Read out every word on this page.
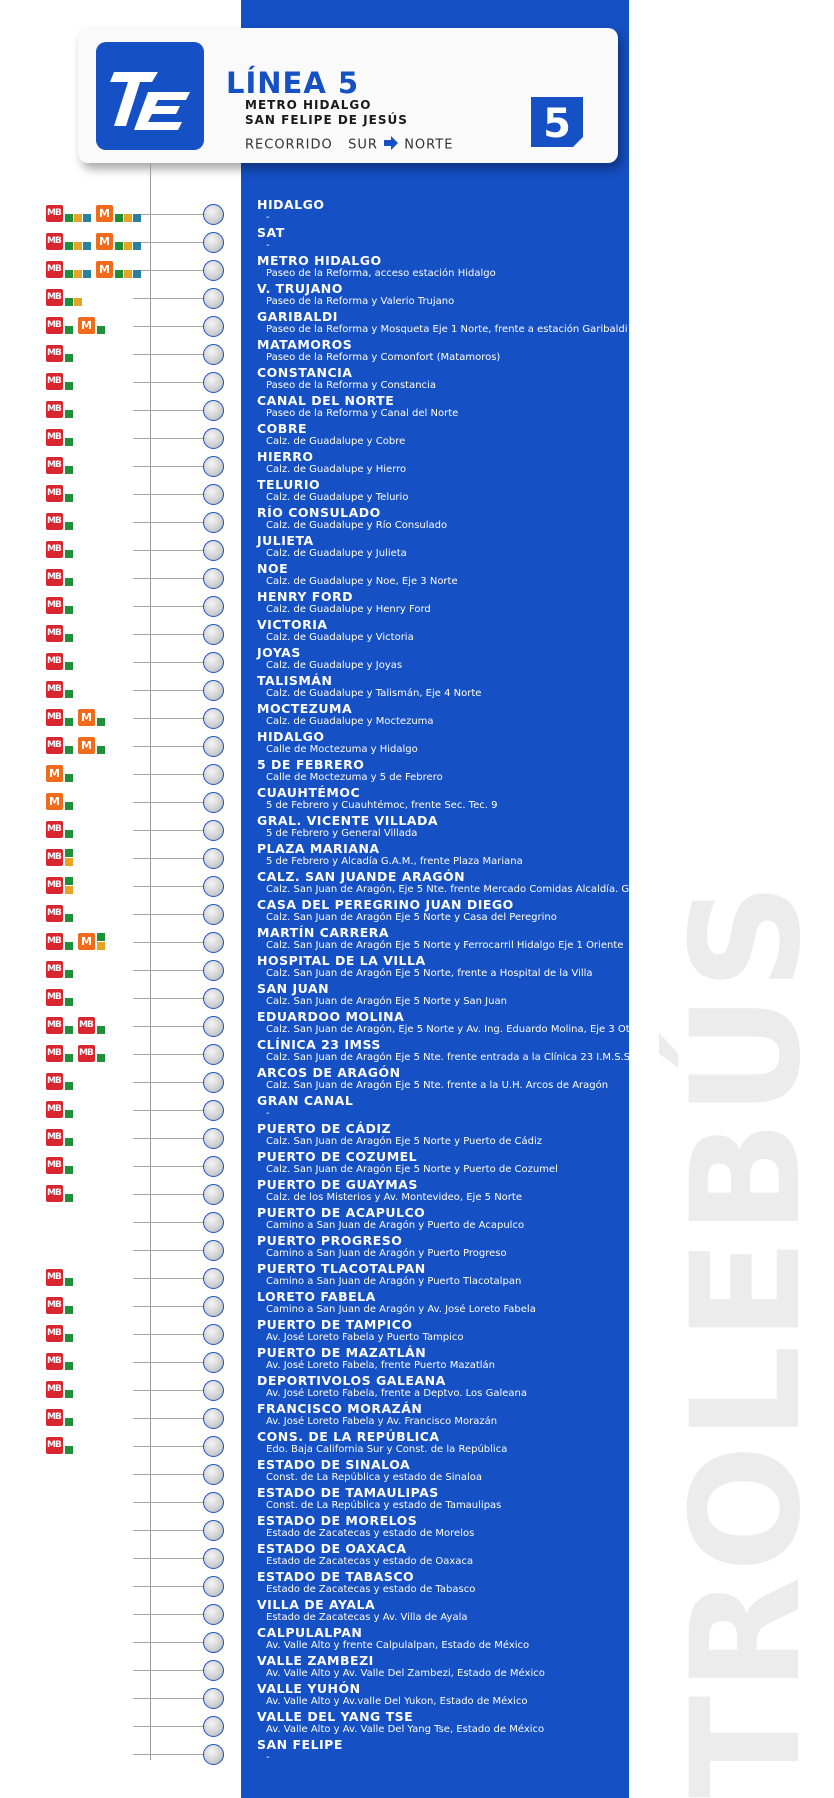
TROLEBÚS
LÍNEA 5
METRO HIDALGO
SAN FELIPE DE JESÚS
RECORRIDO SUR NORTE 5
MB
M
HIDALGO
-
MB
M
SAT
-
MB
M
METRO HIDALGO
Paseo de la Reforma, acceso estación Hidalgo
MB
V. TRUJANO
Paseo de la Reforma y Valerio Trujano
MB
M
GARIBALDI
Paseo de la Reforma y Mosqueta Eje 1 Norte, frente a estación Garibaldi
MB
MATAMOROS
Paseo de la Reforma y Comonfort (Matamoros)
MB
CONSTANCIA
Paseo de la Reforma y Constancia
MB
CANAL DEL NORTE
Paseo de la Reforma y Canal del Norte
MB
COBRE
Calz. de Guadalupe y Cobre
MB
HIERRO
Calz. de Guadalupe y Hierro
MB
TELURIO
Calz. de Guadalupe y Telurio
MB
RÍO CONSULADO
Calz. de Guadalupe y Río Consulado
MB
JULIETA
Calz. de Guadalupe y Julieta
MB
NOE
Calz. de Guadalupe y Noe, Eje 3 Norte
MB
HENRY FORD
Calz. de Guadalupe y Henry Ford
MB
VICTORIA
Calz. de Guadalupe y Victoria
MB
JOYAS
Calz. de Guadalupe y Joyas
MB
TALISMÁN
Calz. de Guadalupe y Talismán, Eje 4 Norte
MB
M
MOCTEZUMA
Calz. de Guadalupe y Moctezuma
MB
M
HIDALGO
Calle de Moctezuma y Hidalgo
M
5 DE FEBRERO
Calle de Moctezuma y 5 de Febrero
M
CUAUHTÉMOC
5 de Febrero y Cuauhtémoc, frente Sec. Tec. 9
MB
GRAL. VICENTE VILLADA
5 de Febrero y General Villada
MB
PLAZA MARIANA
5 de Febrero y Alcadía G.A.M., frente Plaza Mariana
MB
CALZ. SAN JUANDE ARAGÓN
Calz. San Juan de Aragón, Eje 5 Nte. frente Mercado Comidas Alcaldía. GAM
MB
CASA DEL PEREGRINO JUAN DIEGO
Calz. San Juan de Aragón Eje 5 Norte y Casa del Peregrino
MB
M
MARTÍN CARRERA
Calz. San Juan de Aragón Eje 5 Norte y Ferrocarril Hidalgo Eje 1 Oriente
MB
HOSPITAL DE LA VILLA
Calz. San Juan de Aragón Eje 5 Norte, frente a Hospital de la Villa
MB
SAN JUAN
Calz. San Juan de Aragón Eje 5 Norte y San Juan
MB
MB
EDUARDOO MOLINA
Calz. San Juan de Aragón, Eje 5 Norte y Av. Ing. Eduardo Molina, Eje 3 Ote.
MB
MB
CLÍNICA 23 IMSS
Calz. San Juan de Aragón Eje 5 Nte. frente entrada a la Clínica 23 I.M.S.S.
MB
ARCOS DE ARAGÓN
Calz. San Juan de Aragón Eje 5 Nte. frente a la U.H. Arcos de Aragón
MB
GRAN CANAL
-
MB
PUERTO DE CÁDIZ
Calz. San Juan de Aragón Eje 5 Norte y Puerto de Cádiz
MB
PUERTO DE COZUMEL
Calz. San Juan de Aragón Eje 5 Norte y Puerto de Cozumel
MB
PUERTO DE GUAYMAS
Calz. de los Misterios y Av. Montevideo, Eje 5 Norte
PUERTO DE ACAPULCO
Camino a San Juan de Aragón y Puerto de Acapulco
PUERTO PROGRESO
Camino a San Juan de Aragón y Puerto Progreso
MB
PUERTO TLACOTALPAN
Camino a San Juan de Aragón y Puerto Tlacotalpan
MB
LORETO FABELA
Camino a San Juan de Aragón y Av. José Loreto Fabela
MB
PUERTO DE TAMPICO
Av. José Loreto Fabela y Puerto Tampico
MB
PUERTO DE MAZATLÁN
Av. José Loreto Fabela, frente Puerto Mazatlán
MB
DEPORTIVOLOS GALEANA
Av. José Loreto Fabela, frente a Deptvo. Los Galeana
MB
FRANCISCO MORAZÁN
Av. José Loreto Fabela y Av. Francisco Morazán
MB
CONS. DE LA REPÚBLICA
Edo. Baja California Sur y Const. de la República
ESTADO DE SINALOA
Const. de La República y estado de Sinaloa
ESTADO DE TAMAULIPAS
Const. de La República y estado de Tamaulipas
ESTADO DE MORELOS
Estado de Zacatecas y estado de Morelos
ESTADO DE OAXACA
Estado de Zacatecas y estado de Oaxaca
ESTADO DE TABASCO
Estado de Zacatecas y estado de Tabasco
VILLA DE AYALA
Estado de Zacatecas y Av. Villa de Ayala
CALPULALPAN
Av. Valle Alto y frente Calpulalpan, Estado de México
VALLE ZAMBEZI
Av. Valle Alto y Av. Valle Del Zambezi, Estado de México
VALLE YUHÓN
Av. Valle Alto y Av.valle Del Yukon, Estado de México
VALLE DEL YANG TSE
Av. Valle Alto y Av. Valle Del Yang Tse, Estado de México
SAN FELIPE
-
